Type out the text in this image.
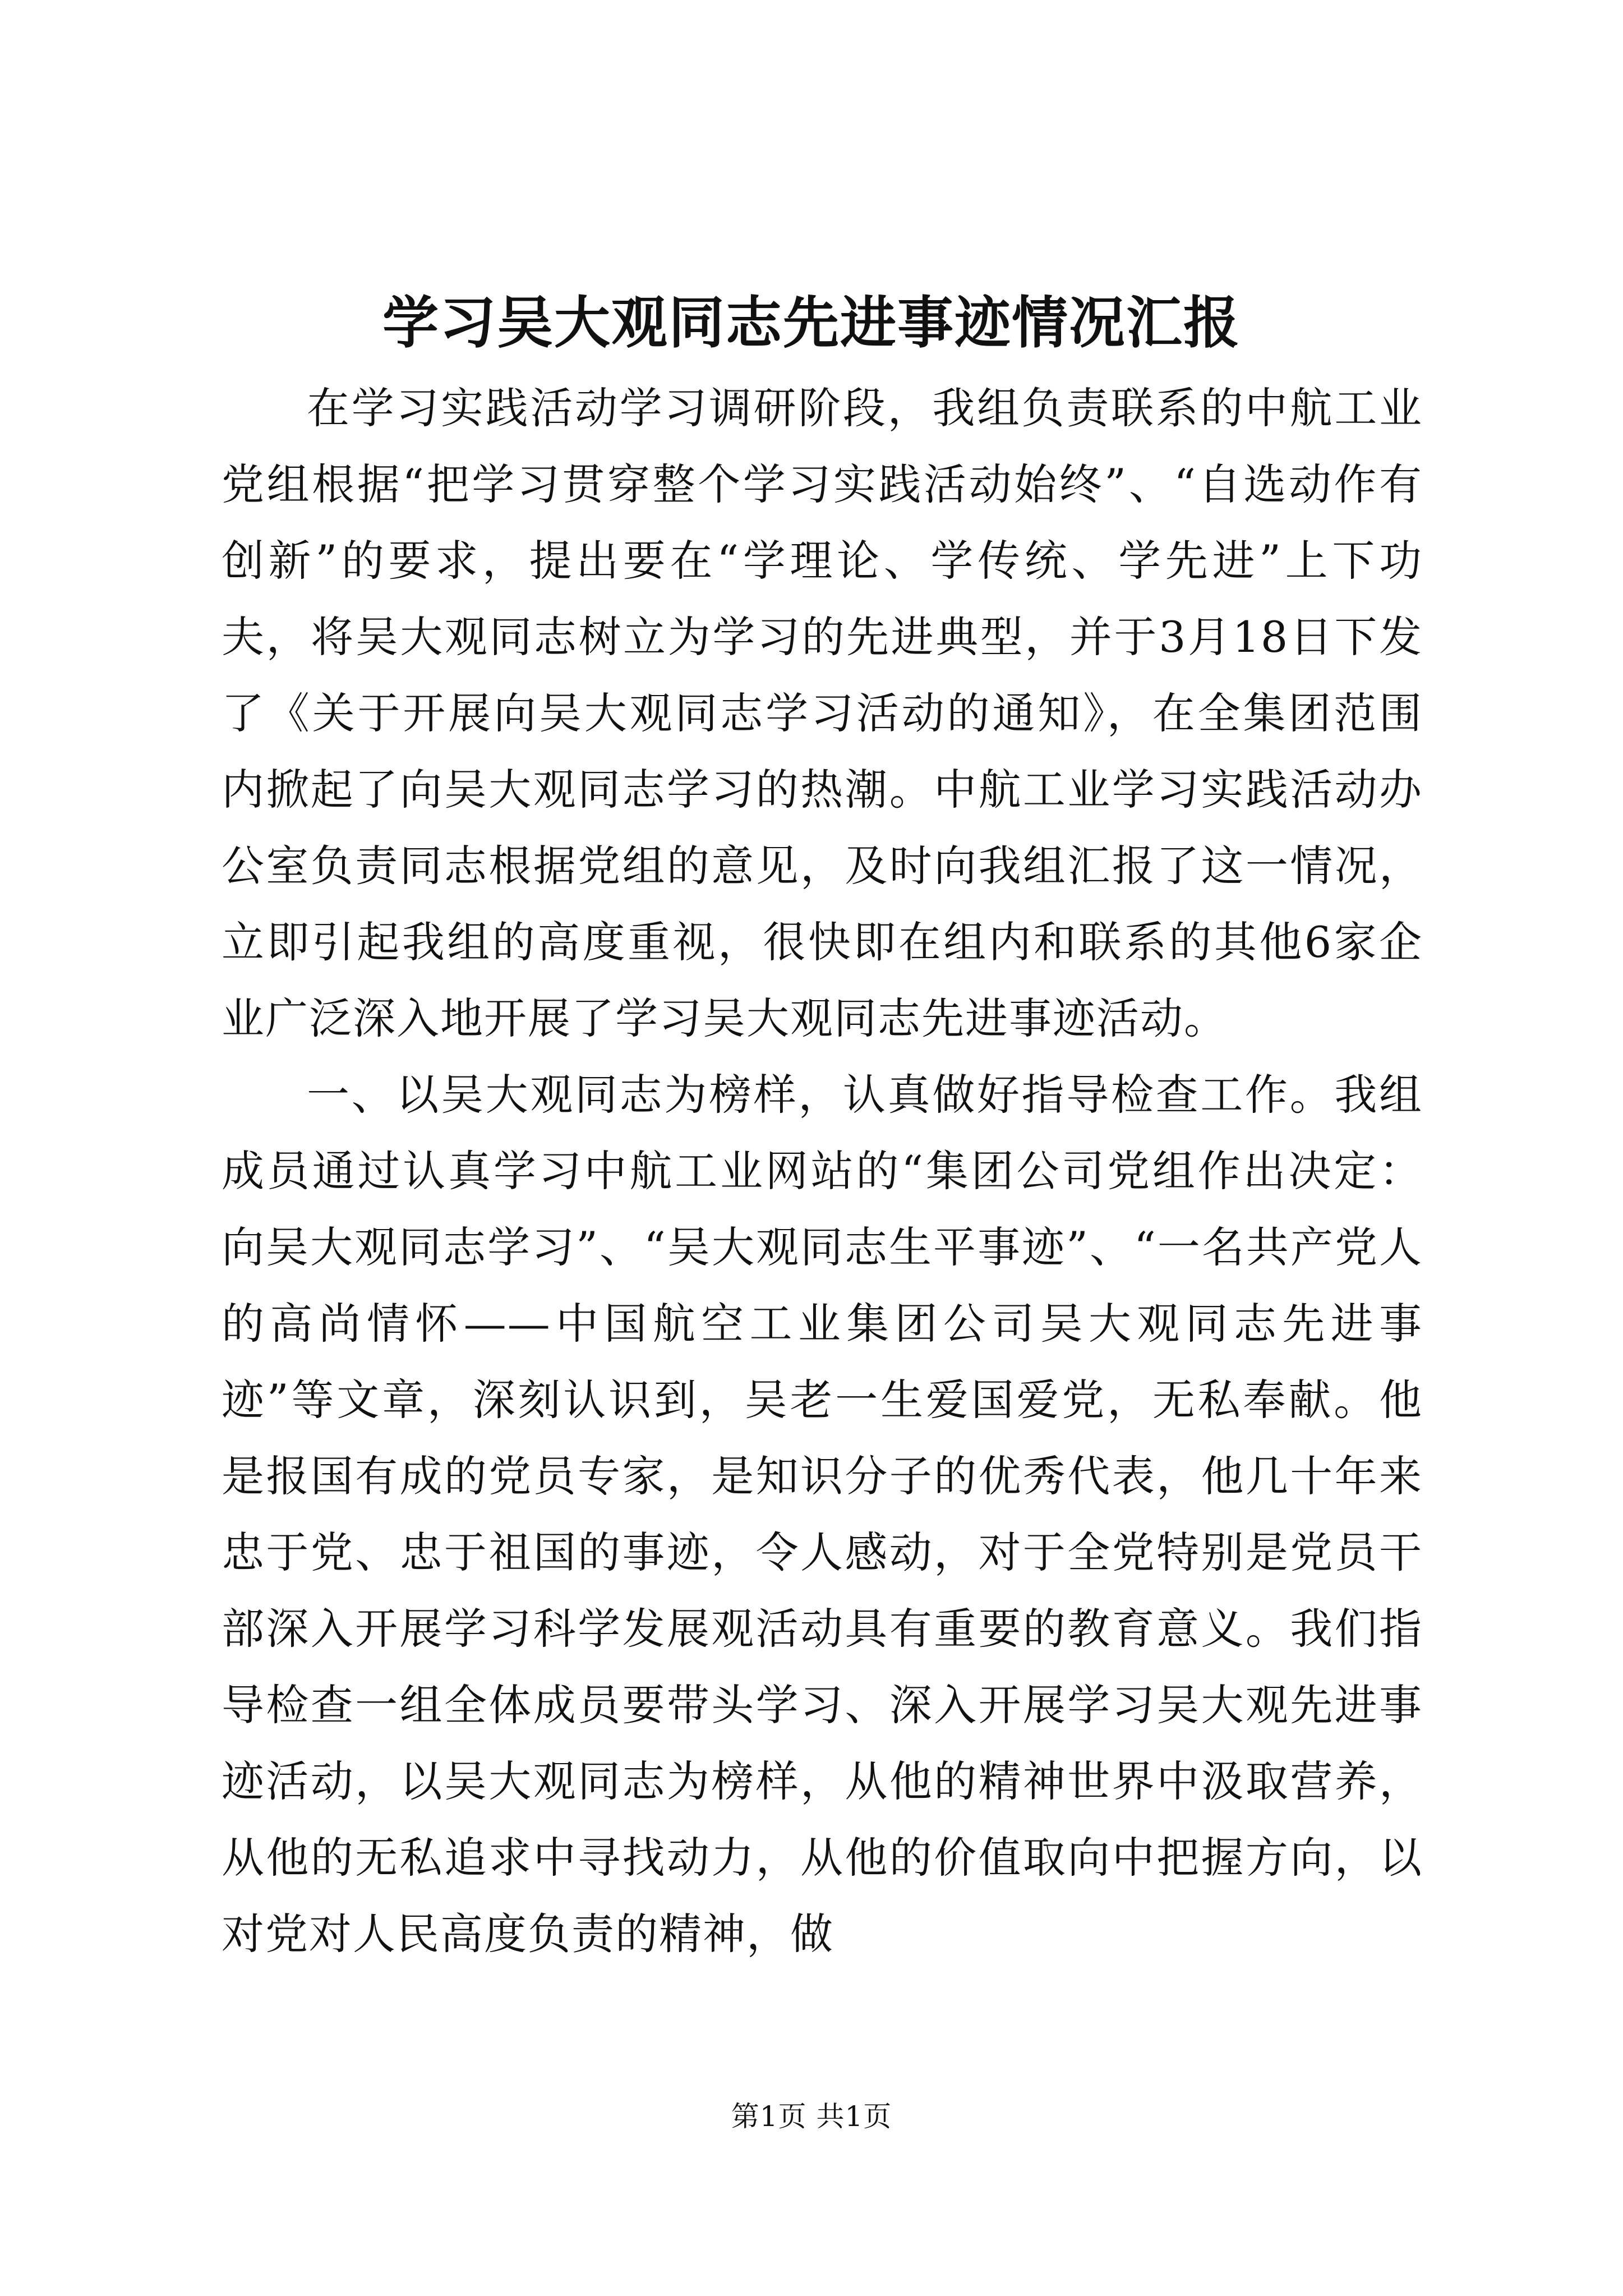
学习吴大观同志先进事迹情况汇报

在学习实践活动学习调研阶段，我组负责联系的中航工业党组根据“把学习贯穿整个学习实践活动始终”、“自选动作有创新”的要求，提出要在“学理论、学传统、学先进”上下功夫，将吴大观同志树立为学习的先进典型，并于3月18日下发了《关于开展向吴大观同志学习活动的通知》，在全集团范围内掀起了向吴大观同志学习的热潮。中航工业学习实践活动办公室负责同志根据党组的意见，及时向我组汇报了这一情况，立即引起我组的高度重视，很快即在组内和联系的其他6家企业广泛深入地开展了学习吴大观同志先进事迹活动。

一、以吴大观同志为榜样，认真做好指导检查工作。我组成员通过认真学习中航工业网站的“集团公司党组作出决定：向吴大观同志学习”、“吴大观同志生平事迹”、“一名共产党人的高尚情怀——中国航空工业集团公司吴大观同志先进事迹”等文章，深刻认识到，吴老一生爱国爱党，无私奉献。他是报国有成的党员专家，是知识分子的优秀代表，他几十年来忠于党、忠于祖国的事迹，令人感动，对于全党特别是党员干部深入开展学习科学发展观活动具有重要的教育意义。我们指导检查一组全体成员要带头学习、深入开展学习吴大观先进事迹活动，以吴大观同志为榜样，从他的精神世界中汲取营养，从他的无私追求中寻找动力，从他的价值取向中把握方向，以对党对人民高度负责的精神，做

第1页 共1页
